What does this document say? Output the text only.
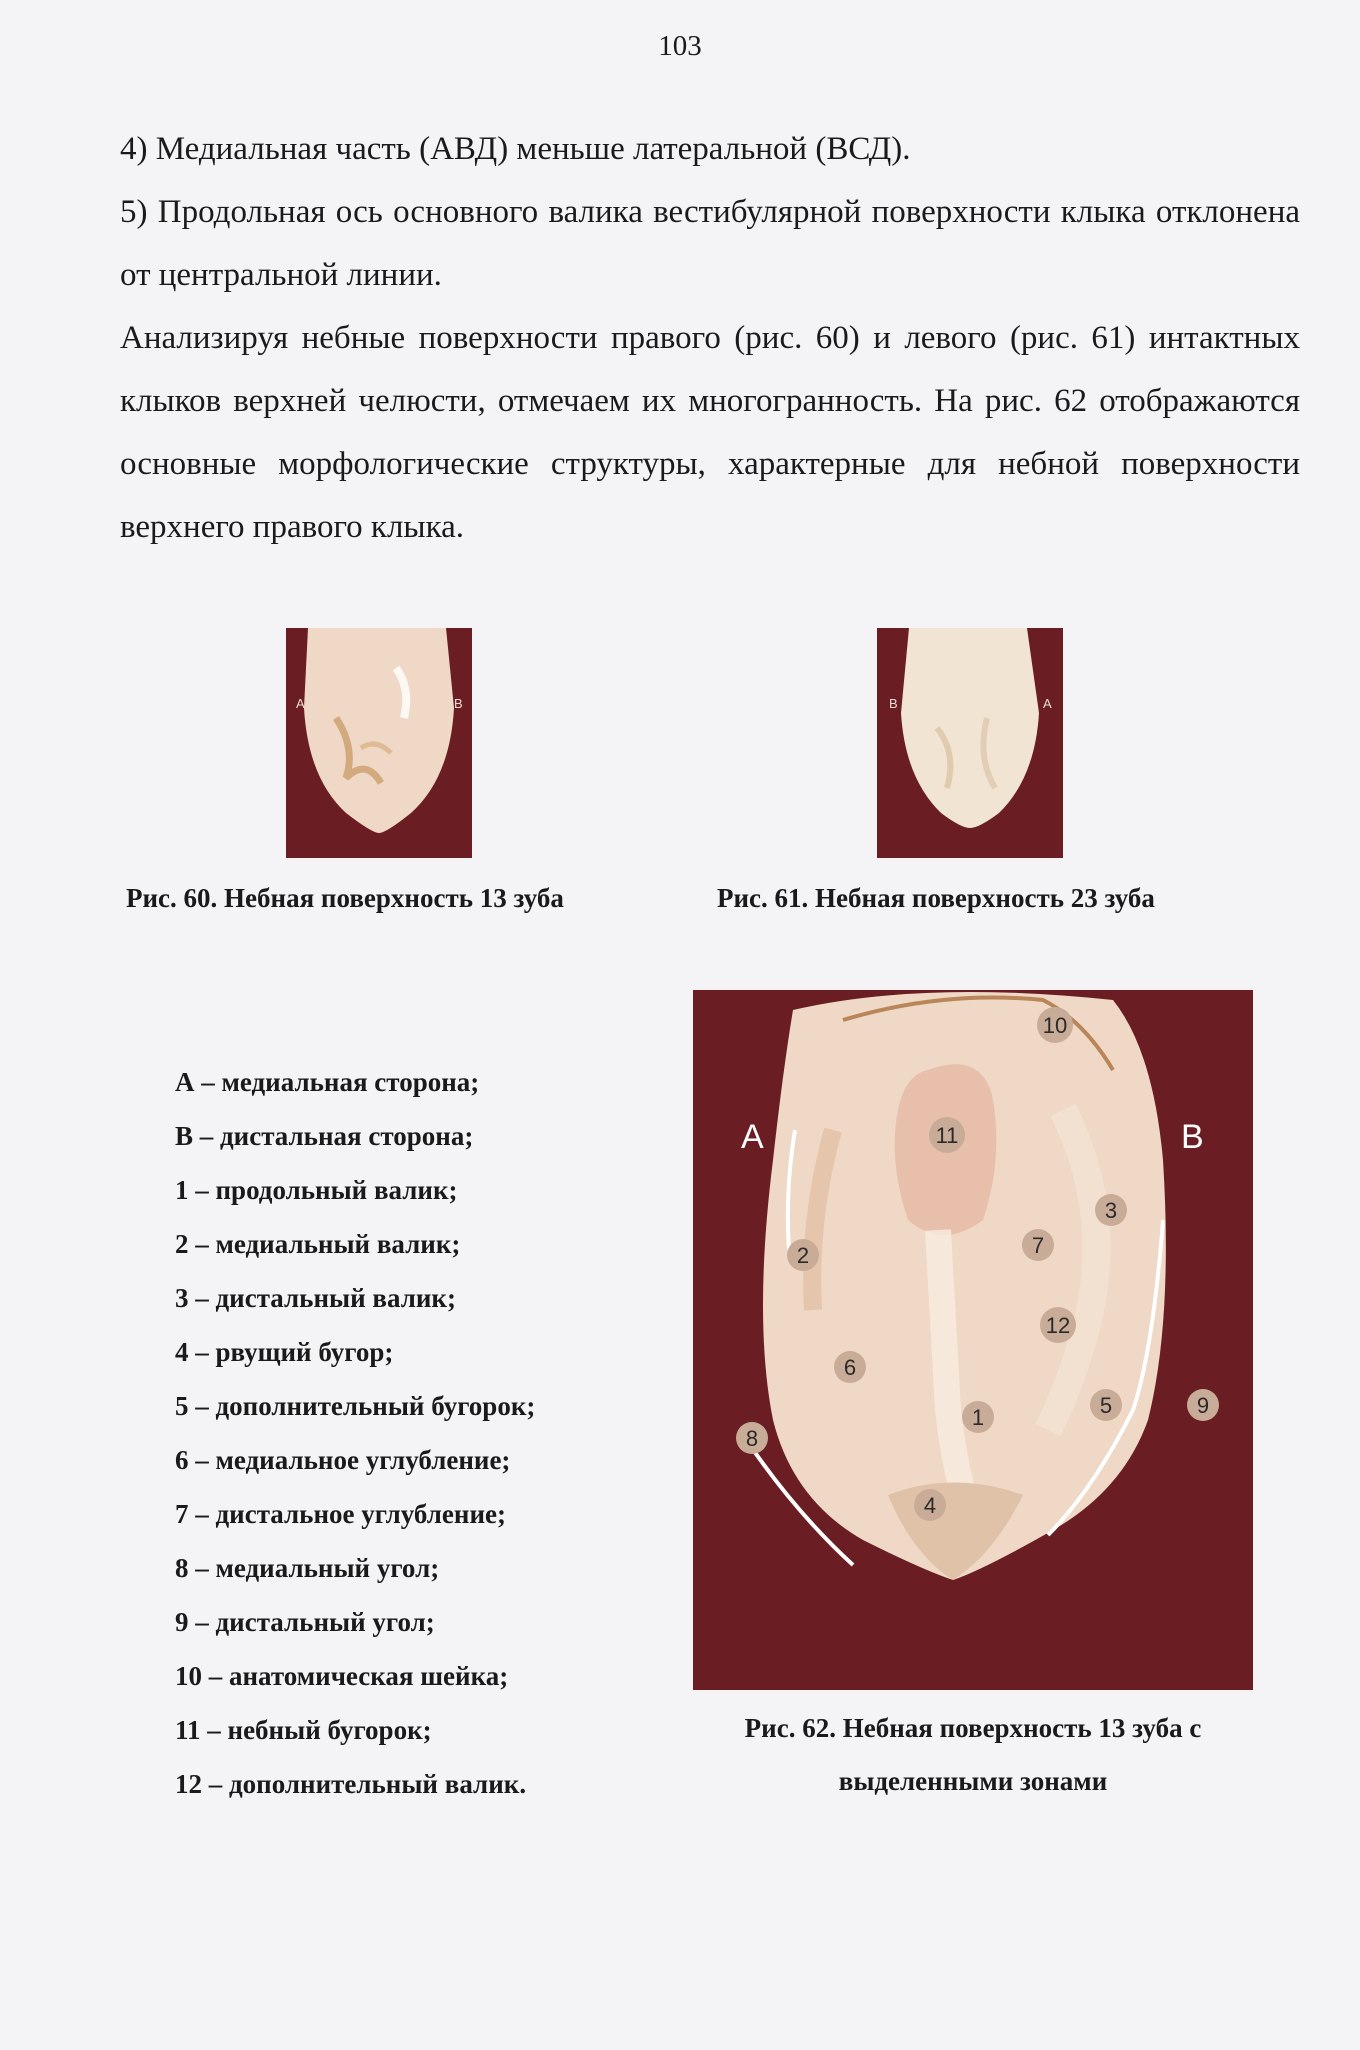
103

4) Медиальная часть (АВД) меньше латеральной (ВСД).

5) Продольная ось основного валика вестибулярной поверхности клыка отклонена от центральной линии.

Анализируя небные поверхности правого (рис. 60) и левого (рис. 61) интактных клыков верхней челюсти, отмечаем их многогранность. На рис. 62 отображаются основные морфологические структуры, характерные для небной поверхности верхнего правого клыка.

A	B
Рис. 60. Небная поверхность 13 зуба
B	A
Рис. 61. Небная поверхность 23 зуба
А – медиальная сторона;
В – дистальная сторона;
1 – продольный валик;
2 – медиальный валик;
3 – дистальный валик;
4 – рвущий бугор;
5 – дополнительный бугорок;
6 – медиальное углубление;
7 – дистальное углубление;
8 – медиальный угол;
9 – дистальный угол;
10 – анатомическая шейка;
11 – небный бугорок;
12 – дополнительный валик.
A	B
1
2
3
4
5
6
7
8
9
10
11
12
Рис. 62. Небная поверхность 13 зуба с
выделенными зонами
